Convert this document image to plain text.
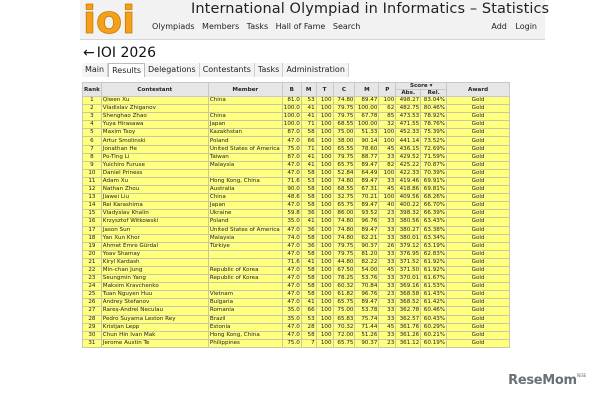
ioi	International Olympiad in Informatics – Statistics
Olympiads Members Tasks Hall of Fame Search	Add Login
← IOI 2026
Main	Results Delegations Contestants Tasks Administration
Rank	Contestant	Member	B	M	T	C	M	P	Score ▾		Award
									Abs.	Rel.	
1	Qiwen Xu	China	81.0	53	100	74.80	89.47	100	498.27	83.04%	Gold
2	Vladislav Zhiganov		100.0	41	100	79.75	100.00	62	482.75	80.46%	Gold
3	Shenghao Zhao	China	100.0	41	100	79.75	67.78	85	473.53	78.92%	Gold
4	Yuya Hirasawa	Japan	100.0	71	100	68.55	100.00	32	471.55	78.76%	Gold
5	Maxim Tsoy	Kazakhstan	87.0	58	100	75.00	51.33	100	452.33	75.39%	Gold
6	Artur Smolinski	Poland	47.0	66	100	38.00	90.14	100	441.14	73.52%	Gold
7	Jonathan He	United States of America	75.0	71	100	65.55	78.60	45	436.15	72.69%	Gold
8	Po-Ting Li	Taiwan	87.0	41	100	79.75	88.77	33	429.52	71.59%	Gold
9	Yuichiro Furuse	Malaysia	47.0	41	100	65.75	89.47	82	425.22	70.87%	Gold
10	Daniel Priness		47.0	58	100	52.84	64.49	100	422.33	70.39%	Gold
11	Adam Xu	Hong Kong, China	71.6	53	100	74.80	89.47	33	419.46	69.91%	Gold
12	Nathan Zhou	Australia	90.0	58	100	68.55	67.31	45	418.86	69.81%	Gold
13	Jiawei Liu	China	48.6	58	100	32.75	70.21	100	409.56	68.26%	Gold
14	Rei Karashima	Japan	47.0	58	100	65.75	89.47	40	400.22	66.70%	Gold
15	Vladyslav Khalin	Ukraine	59.8	36	100	86.00	93.52	23	398.32	66.39%	Gold
16	Krzysztof Witkowski	Poland	35.0	41	100	74.80	96.76	33	380.56	63.43%	Gold
17	Jason Sun	United States of America	47.0	36	100	74.80	89.47	33	380.27	63.38%	Gold
18	Yan Xun Khor	Malaysia	74.0	58	100	74.80	62.21	33	380.01	63.34%	Gold
19	Ahmet Emre Gürdal	Türkiye	47.0	36	100	79.75	90.37	26	379.12	63.19%	Gold
20	Yoav Shamay		47.0	58	100	79.75	81.20	33	376.95	62.83%	Gold
21	Kiryl Kardash		71.6	41	100	44.80	82.22	33	371.52	61.92%	Gold
22	Min-chan Jung	Republic of Korea	47.0	58	100	67.50	54.00	45	371.50	61.92%	Gold
23	Seungmin Yang	Republic of Korea	47.0	58	100	78.25	53.76	33	370.01	61.67%	Gold
24	Maksim Kravchenko		47.0	58	100	60.32	70.84	33	369.16	61.53%	Gold
25	Tuan Nguyen Huu	Vietnam	47.0	58	100	61.82	96.76	23	368.58	61.43%	Gold
26	Andrey Stefanov	Bulgaria	47.0	41	100	65.75	89.47	33	368.52	61.42%	Gold
27	Rareș-Andrei Neculau	Romania	35.0	66	100	75.00	53.78	33	362.78	60.46%	Gold
28	Pedro Suyama Leston Rey	Brazil	35.0	53	100	65.83	75.74	33	362.57	60.43%	Gold
29	Kristjan Lepp	Estonia	47.0	28	100	70.32	71.44	45	361.76	60.29%	Gold
30	Chun Hin Ivan Mak	Hong Kong, China	47.0	58	100	72.00	51.26	33	361.26	60.21%	Gold
31	Jerome Austin Te	Philippines	75.0	7	100	65.75	90.37	23	361.12	60.19%	Gold
ReseMom$^{RESE}$
